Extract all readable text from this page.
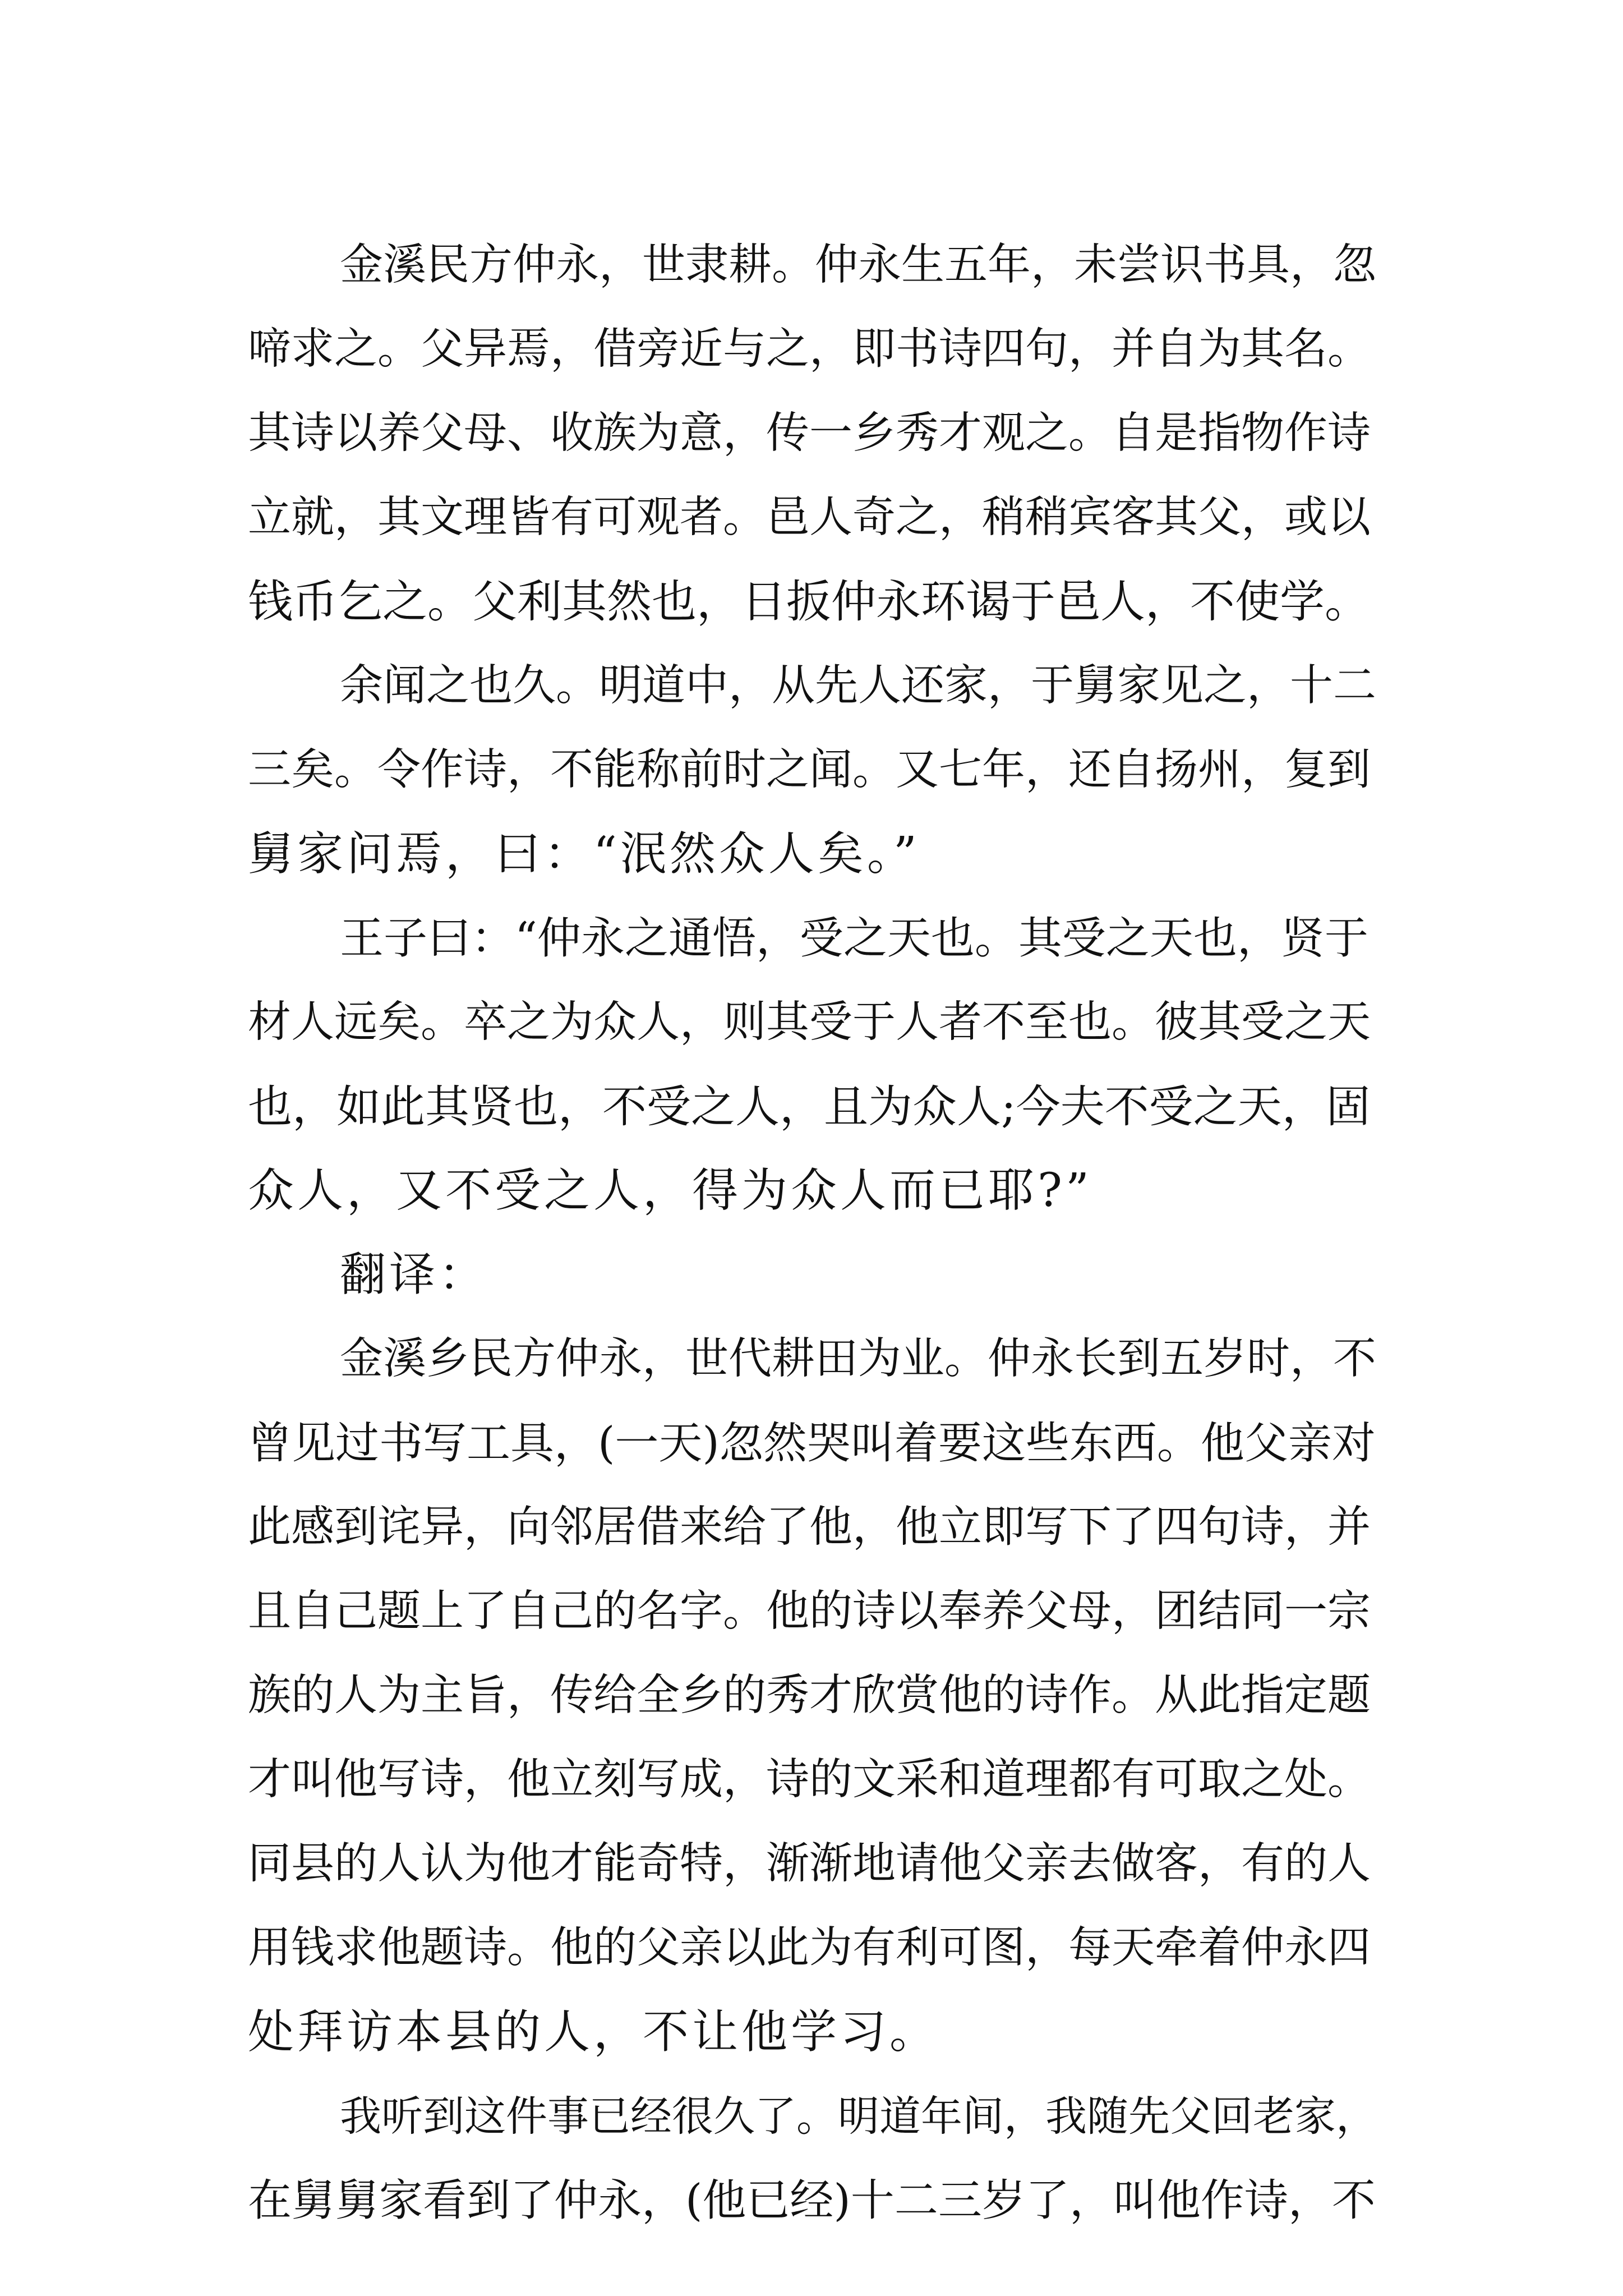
金溪民方仲永，世隶耕。仲永生五年，未尝识书具，忽
啼求之。父异焉，借旁近与之，即书诗四句，并自为其名。
其诗以养父母、收族为意，传一乡秀才观之。自是指物作诗
立就，其文理皆有可观者。邑人奇之，稍稍宾客其父，或以
钱币乞之。父利其然也，日扳仲永环谒于邑人，不使学。
余闻之也久。明道中，从先人还家，于舅家见之，十二
三矣。令作诗，不能称前时之闻。又七年，还自扬州，复到
舅家问焉，曰：“泯然众人矣。”
王子曰：“仲永之通悟，受之天也。其受之天也，贤于
材人远矣。卒之为众人，则其受于人者不至也。彼其受之天
也，如此其贤也，不受之人，且为众人;今夫不受之天，固
众人，又不受之人，得为众人而已耶?”
翻译：
金溪乡民方仲永，世代耕田为业。仲永长到五岁时，不
曾见过书写工具，(一天)忽然哭叫着要这些东西。他父亲对
此感到诧异，向邻居借来给了他，他立即写下了四句诗，并
且自己题上了自己的名字。他的诗以奉养父母，团结同一宗
族的人为主旨，传给全乡的秀才欣赏他的诗作。从此指定题
才叫他写诗，他立刻写成，诗的文采和道理都有可取之处。
同县的人认为他才能奇特，渐渐地请他父亲去做客，有的人
用钱求他题诗。他的父亲以此为有利可图，每天牵着仲永四
处拜访本县的人，不让他学习。
我听到这件事已经很久了。明道年间，我随先父回老家，
在舅舅家看到了仲永，(他已经)十二三岁了，叫他作诗，不
